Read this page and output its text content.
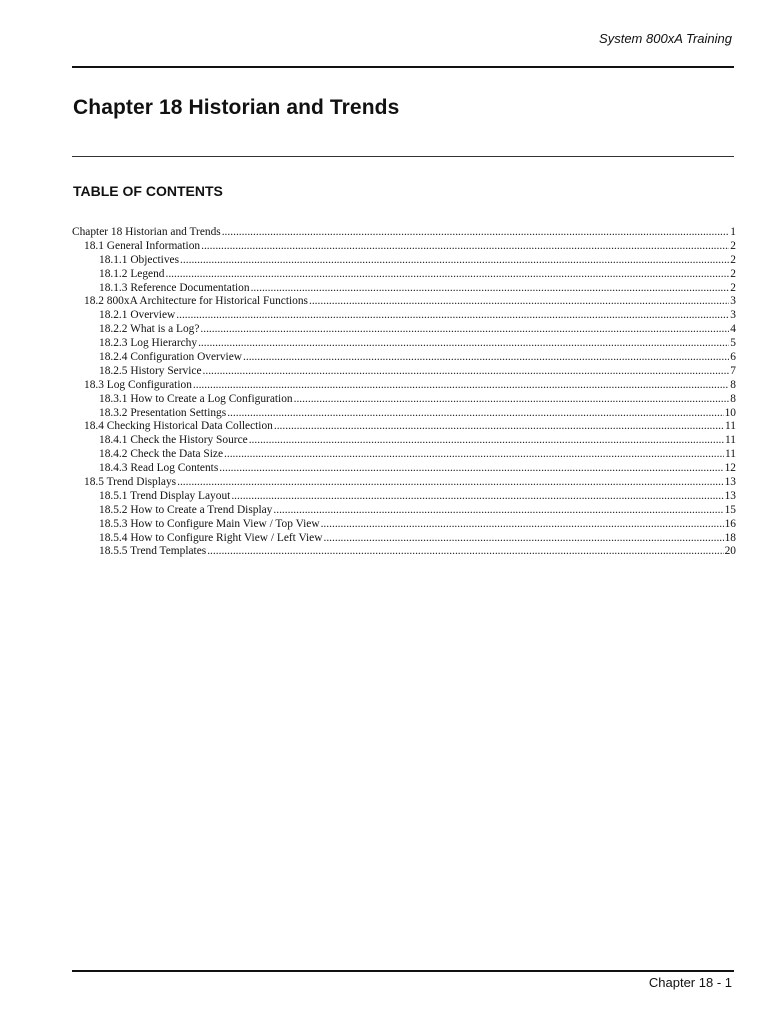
System 800xA Training
Chapter 18 Historian and Trends
TABLE OF CONTENTS
Chapter 18 Historian and Trends .....	1
18.1 General Information .....	2
18.1.1 Objectives .....	2
18.1.2 Legend .....	2
18.1.3 Reference Documentation .....	2
18.2 800xA Architecture for Historical Functions .....	3
18.2.1 Overview .....	3
18.2.2 What is a Log? .....	4
18.2.3 Log Hierarchy .....	5
18.2.4 Configuration Overview .....	6
18.2.5 History Service .....	7
18.3 Log Configuration .....	8
18.3.1 How to Create a Log Configuration .....	8
18.3.2 Presentation Settings .....	10
18.4 Checking Historical Data Collection .....	11
18.4.1 Check the History Source .....	11
18.4.2 Check the Data Size .....	11
18.4.3 Read Log Contents .....	12
18.5 Trend Displays .....	13
18.5.1 Trend Display Layout .....	13
18.5.2 How to Create a Trend Display .....	15
18.5.3 How to Configure Main View / Top View .....	16
18.5.4 How to Configure Right View / Left View .....	18
18.5.5 Trend Templates .....	20
Chapter 18 - 1
